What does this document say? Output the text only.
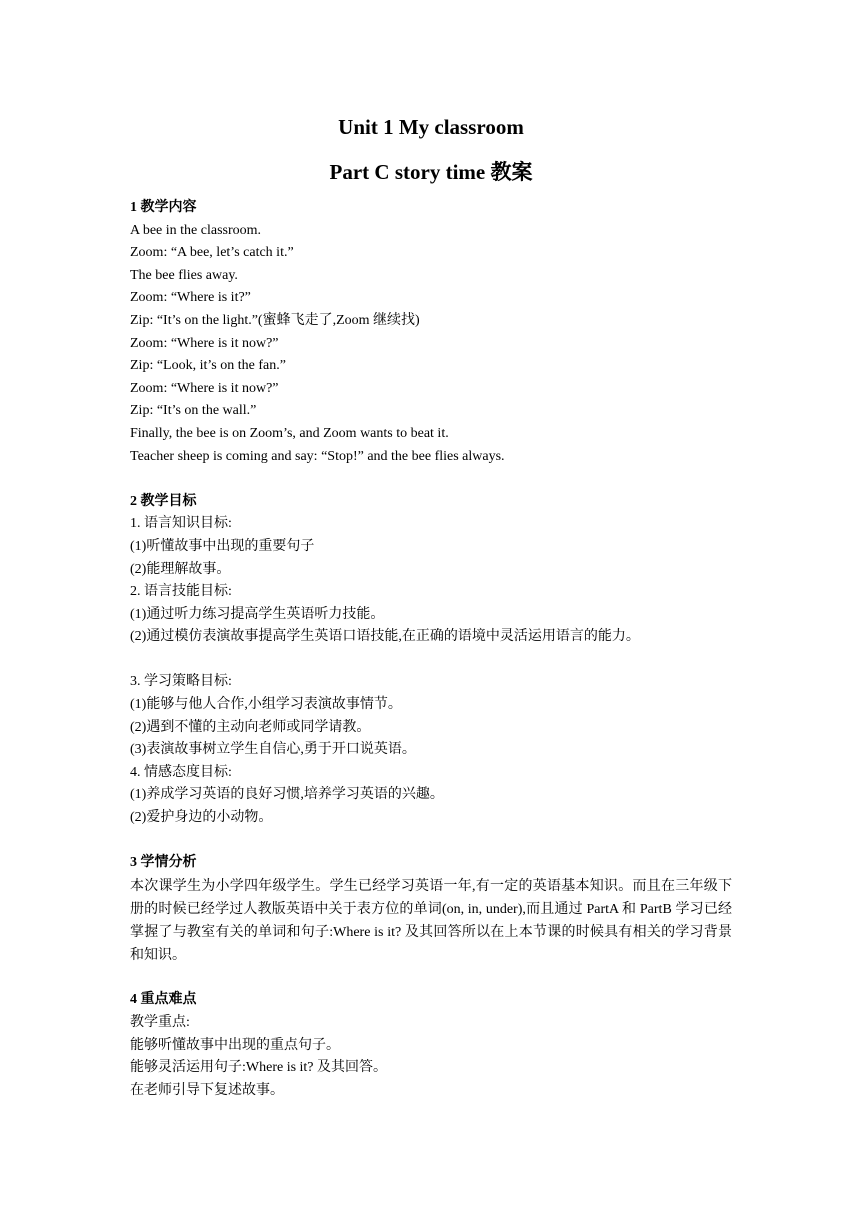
Unit 1 My classroom
Part C story time 教案
1 教学内容
A bee in the classroom.
Zoom: “A bee, let’s catch it.”
The bee flies away.
Zoom: “Where is it?”
Zip: “It’s on the light.”(蜜蜂飞走了,Zoom 继续找)
Zoom: “Where is it now?”
Zip: “Look, it’s on the fan.”
Zoom: “Where is it now?”
Zip: “It’s on the wall.”
Finally, the bee is on Zoom’s, and Zoom wants to beat it.
Teacher sheep is coming and say: “Stop!” and the bee flies always.
2 教学目标
1. 语言知识目标:
(1)听懂故事中出现的重要句子
(2)能理解故事。
2. 语言技能目标:
(1)通过听力练习提高学生英语听力技能。
(2)通过模仿表演故事提高学生英语口语技能,在正确的语境中灵活运用语言的能力。
3. 学习策略目标:
(1)能够与他人合作,小组学习表演故事情节。
(2)遇到不懂的主动向老师或同学请教。
(3)表演故事树立学生自信心,勇于开口说英语。
4. 情感态度目标:
(1)养成学习英语的良好习惯,培养学习英语的兴趣。
(2)爱护身边的小动物。
3 学情分析
本次课学生为小学四年级学生。学生已经学习英语一年,有一定的英语基本知识。而且在三年级下册的时候已经学过人教版英语中关于表方位的单词(on, in, under),而且通过 PartA 和 PartB 学习已经掌握了与教室有关的单词和句子:Where is it? 及其回答所以在上本节课的时候具有相关的学习背景和知识。
4 重点难点
教学重点:
能够听懂故事中出现的重点句子。
能够灵活运用句子:Where is it? 及其回答。
在老师引导下复述故事。
